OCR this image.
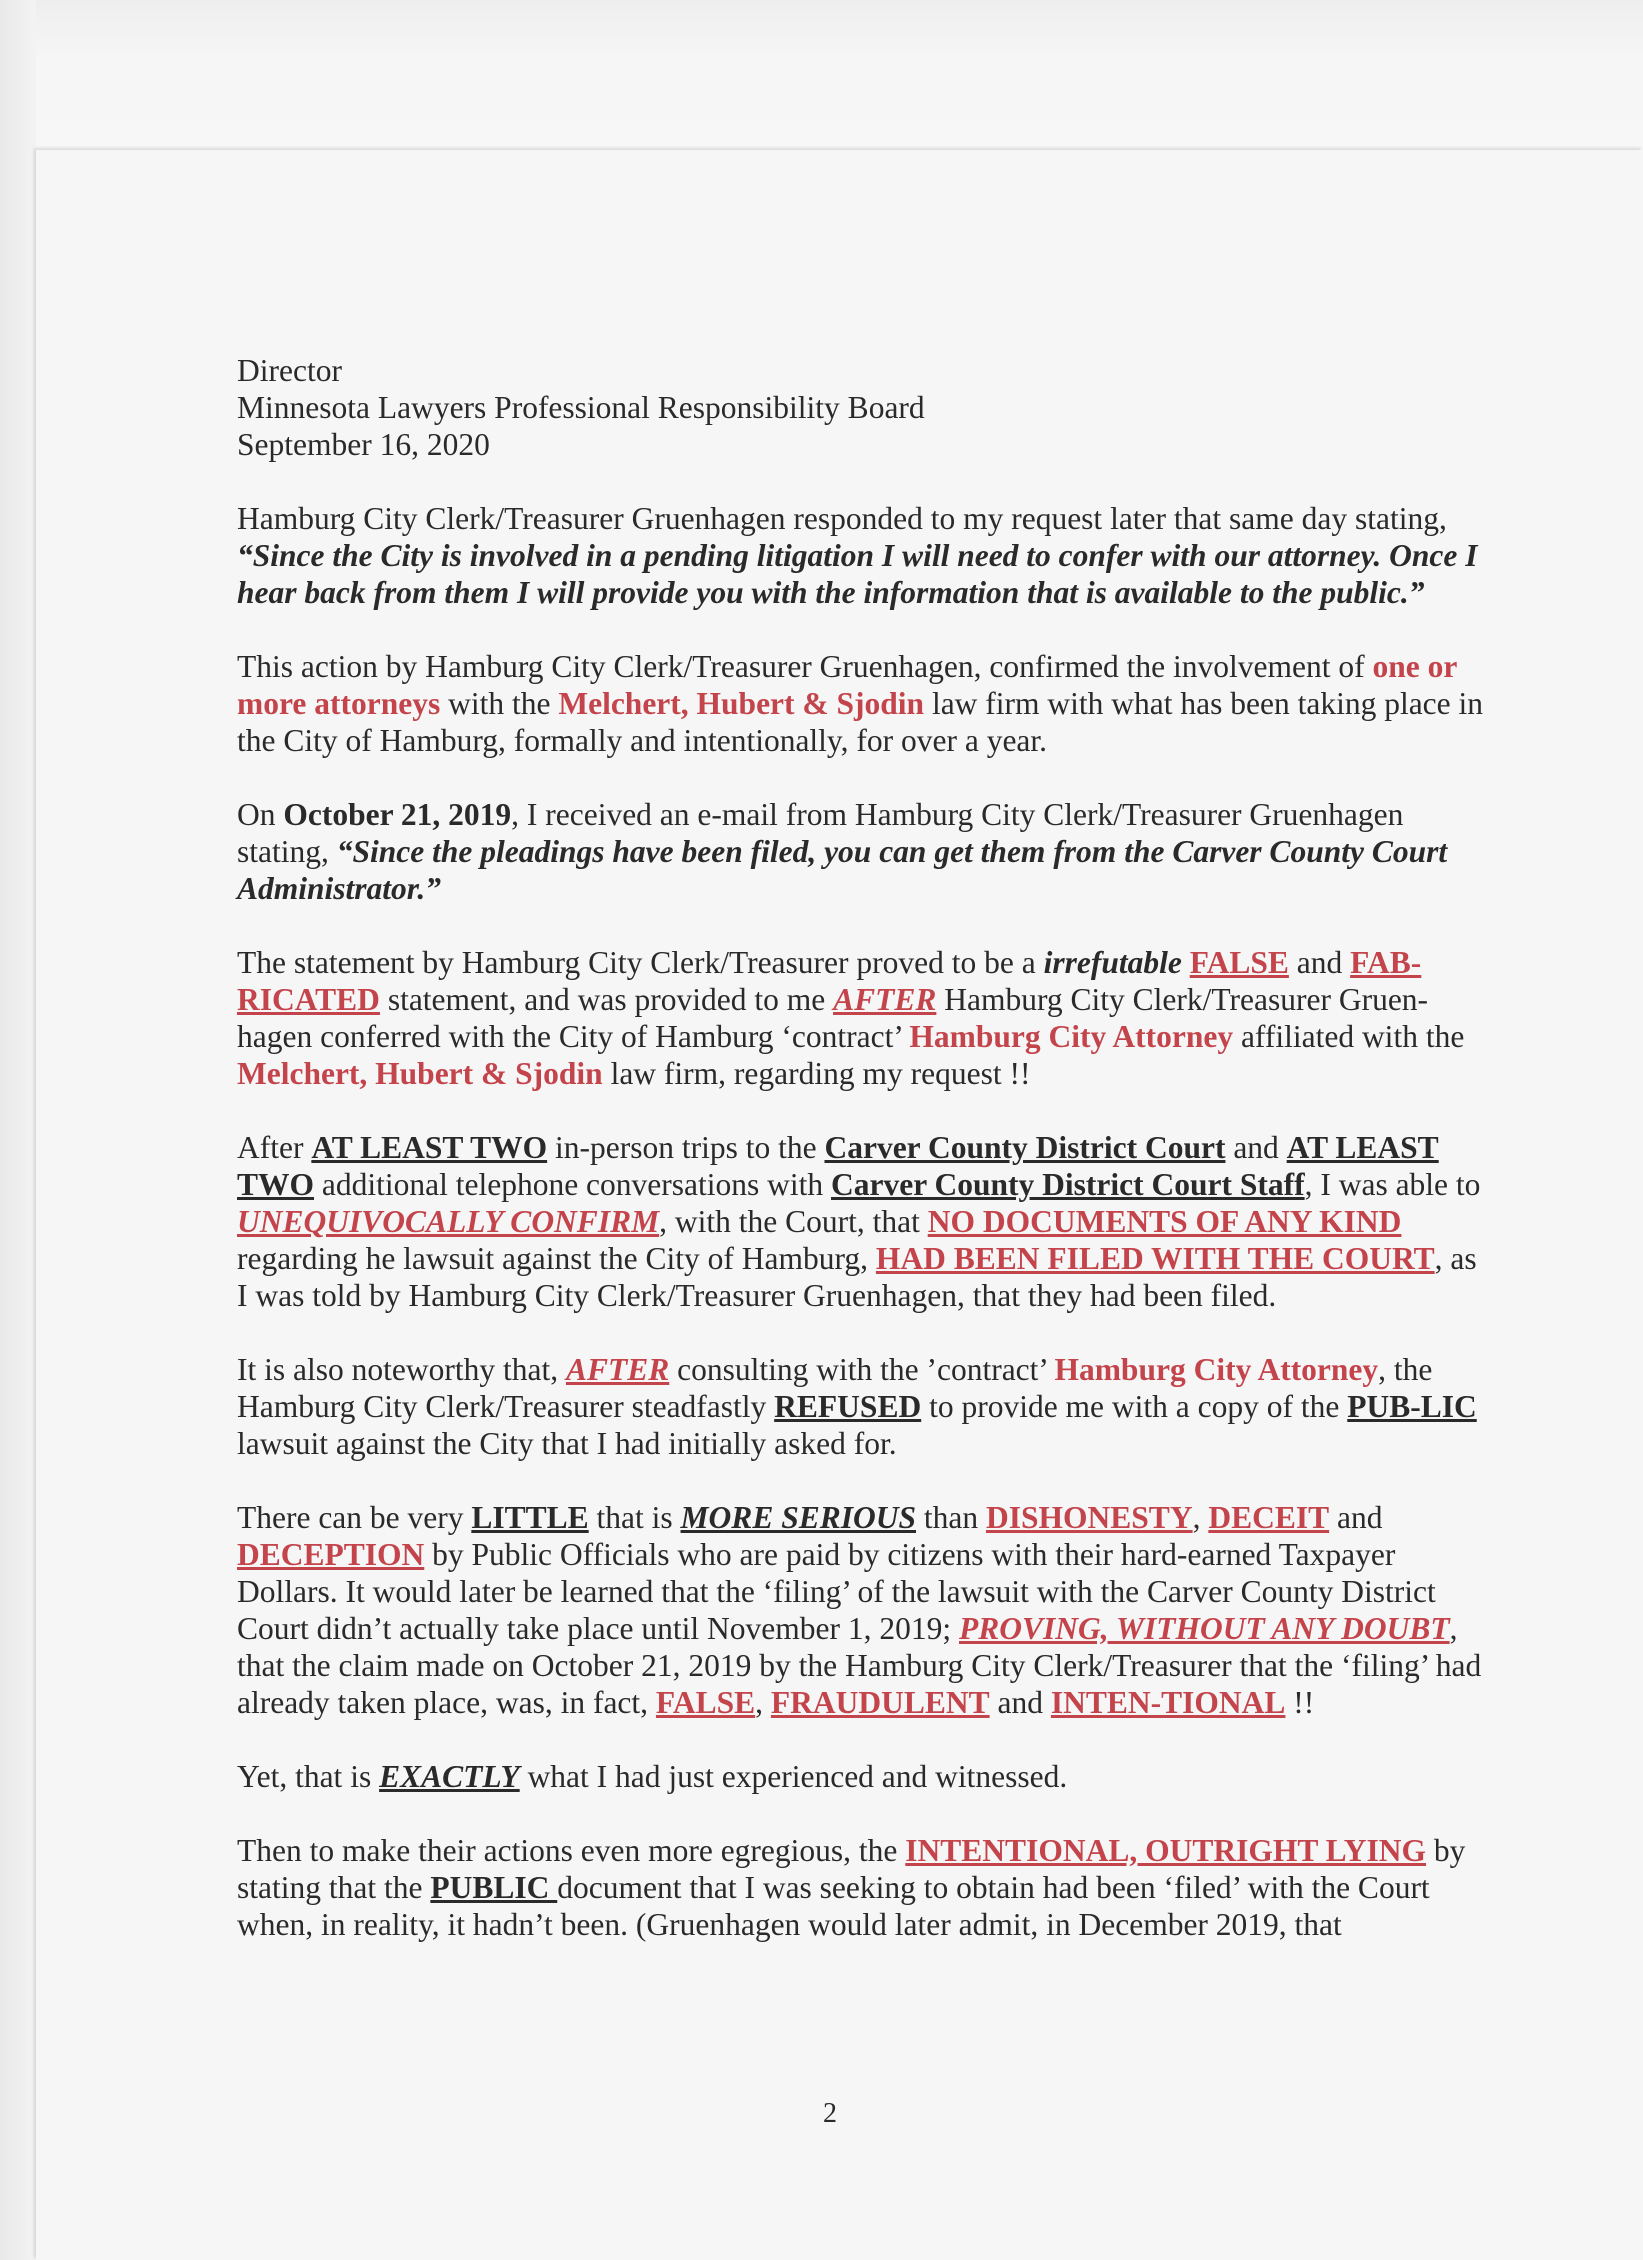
Director
Minnesota Lawyers Professional Responsibility Board
September 16, 2020

Hamburg City Clerk/Treasurer Gruenhagen responded to my request later that same day stating, “Since the City is involved in a pending litigation I will need to confer with our attorney. Once I hear back from them I will provide you with the information that is available to the public.”

This action by Hamburg City Clerk/Treasurer Gruenhagen, confirmed the involvement of one or more attorneys with the Melchert, Hubert & Sjodin law firm with what has been taking place in the City of Hamburg, formally and intentionally, for over a year.

On October 21, 2019, I received an e-mail from Hamburg City Clerk/Treasurer Gruenhagen stating, “Since the pleadings have been filed, you can get them from the Carver County Court Administrator.”

The statement by Hamburg City Clerk/Treasurer proved to be a irrefutable FALSE and FAB-RICATED statement, and was provided to me AFTER Hamburg City Clerk/Treasurer Gruen-hagen conferred with the City of Hamburg ‘contract’ Hamburg City Attorney affiliated with the Melchert, Hubert & Sjodin law firm, regarding my request !!

After AT LEAST TWO in-person trips to the Carver County District Court and AT LEAST TWO additional telephone conversations with Carver County District Court Staff, I was able to UNEQUIVOCALLY CONFIRM, with the Court, that NO DOCUMENTS OF ANY KIND regarding he lawsuit against the City of Hamburg, HAD BEEN FILED WITH THE COURT, as I was told by Hamburg City Clerk/Treasurer Gruenhagen, that they had been filed.

It is also noteworthy that, AFTER consulting with the ’contract’ Hamburg City Attorney, the Hamburg City Clerk/Treasurer steadfastly REFUSED to provide me with a copy of the PUB-LIC lawsuit against the City that I had initially asked for.

There can be very LITTLE that is MORE SERIOUS than DISHONESTY, DECEIT and DECEPTION by Public Officials who are paid by citizens with their hard-earned Taxpayer Dollars. It would later be learned that the ‘filing’ of the lawsuit with the Carver County District Court didn’t actually take place until November 1, 2019; PROVING, WITHOUT ANY DOUBT, that the claim made on October 21, 2019 by the Hamburg City Clerk/Treasurer that the ‘filing’ had already taken place, was, in fact, FALSE, FRAUDULENT and INTEN-TIONAL !!

Yet, that is EXACTLY what I had just experienced and witnessed.

Then to make their actions even more egregious, the INTENTIONAL, OUTRIGHT LYING by stating that the PUBLIC document that I was seeking to obtain had been ‘filed’ with the Court when, in reality, it hadn’t been. (Gruenhagen would later admit, in December 2019, that

2
